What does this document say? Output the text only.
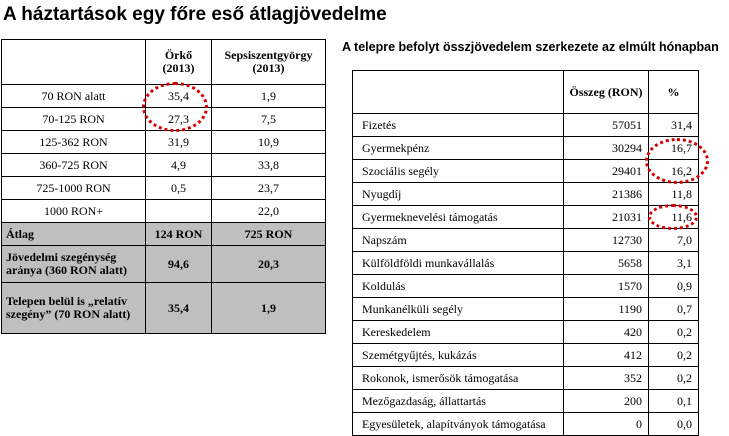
A háztartások egy főre eső átlagjövedelme
	Örkő (2013)	Sepsiszentgyörgy (2013)
70 RON alatt	35,4	1,9
70-125 RON	27,3	7,5
125-362 RON	31,9	10,9
360-725 RON	4,9	33,8
725-1000 RON	0,5	23,7
1000 RON+		22,0
Átlag	124 RON	725 RON
Jövedelmi szegénység aránya (360 RON alatt)	94,6	20,3
Telepen belül is „relatív szegény” (70 RON alatt)	35,4	1,9
A telepre befolyt összjövedelem szerkezete az elmúlt hónapban
	Összeg (RON)	%
Fizetés	57051	31,4
Gyermekpénz	30294	16,7
Szociális segély	29401	16,2
Nyugdíj	21386	11,8
Gyermeknevelési támogatás	21031	11,6
Napszám	12730	7,0
Külföldföldi munkavállalás	5658	3,1
Koldulás	1570	0,9
Munkanélküli segély	1190	0,7
Kereskedelem	420	0,2
Szemétgyűjtés, kukázás	412	0,2
Rokonok, ismerősök támogatása	352	0,2
Mezőgazdaság, állattartás	200	0,1
Egyesületek, alapítványok támogatása	0	0,0
